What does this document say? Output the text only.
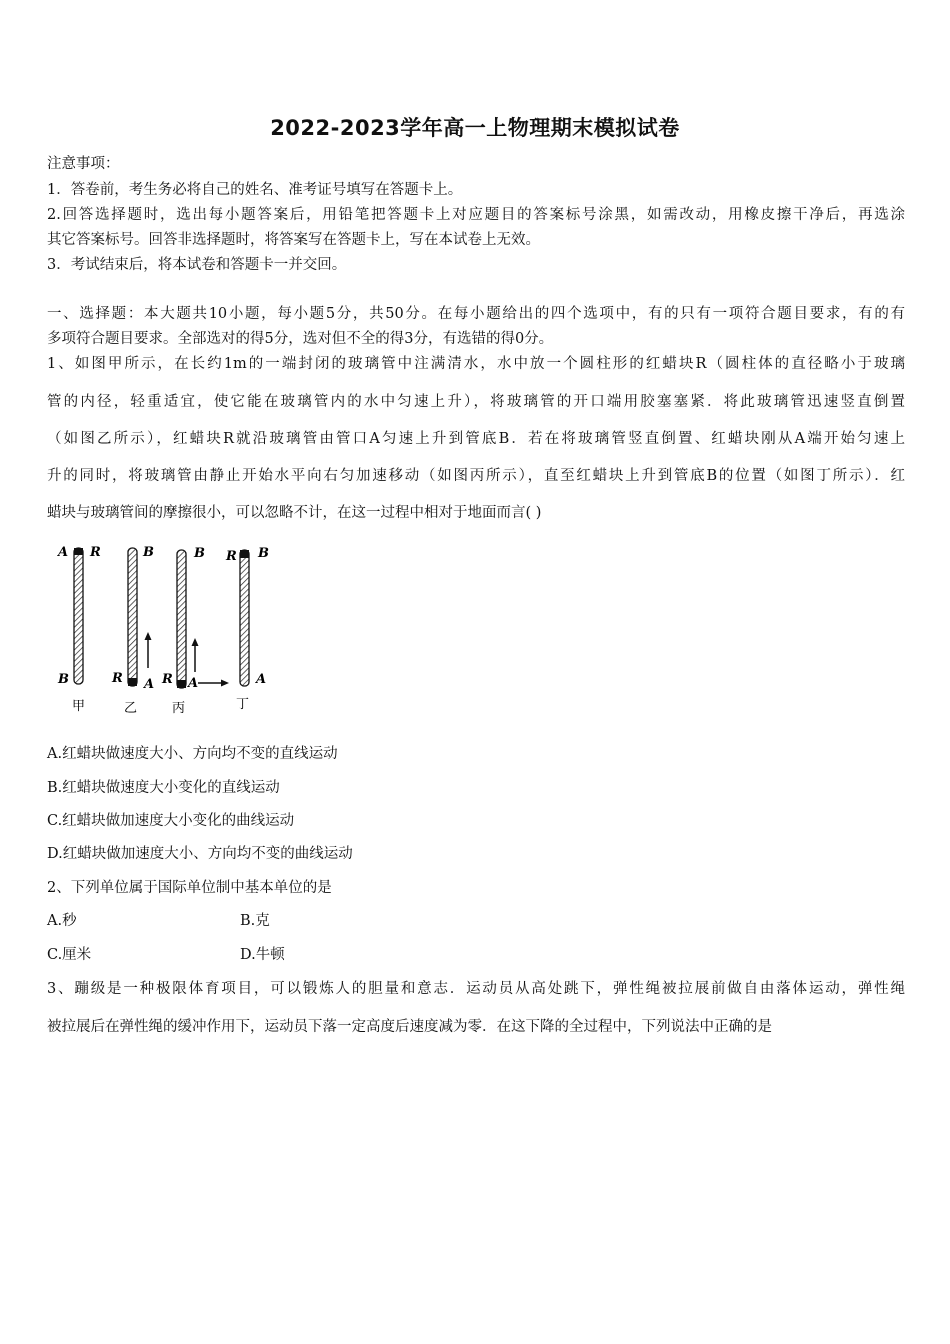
2022-2023学年高一上物理期末模拟试卷
注意事项：
1．答卷前，考生务必将自己的姓名、准考证号填写在答题卡上。
2.回答选择题时，选出每小题答案后，用铅笔把答题卡上对应题目的答案标号涂黑，如需改动，用橡皮擦干净后，再选涂
其它答案标号。回答非选择题时，将答案写在答题卡上，写在本试卷上无效。
3．考试结束后，将本试卷和答题卡一并交回。
一、选择题：本大题共10小题，每小题5分，共50分。在每小题给出的四个选项中，有的只有一项符合题目要求，有的有
多项符合题目要求。全部选对的得5分，选对但不全的得3分，有选错的得0分。
1、如图甲所示，在长约1m的一端封闭的玻璃管中注满清水，水中放一个圆柱形的红蜡块R（圆柱体的直径略小于玻璃
管的内径，轻重适宜，使它能在玻璃管内的水中匀速上升），将玻璃管的开口端用胶塞塞紧．将此玻璃管迅速竖直倒置
（如图乙所示），红蜡块R就沿玻璃管由管口A匀速上升到管底B．若在将玻璃管竖直倒置、红蜡块刚从A端开始匀速上
升的同时，将玻璃管由静止开始水平向右匀加速移动（如图丙所示），直至红蜡块上升到管底B的位置（如图丁所示）．红
蜡块与玻璃管间的摩擦很小，可以忽略不计，在这一过程中相对于地面而言( )
A R
B
甲
B
R A
乙
B
R A
丙
R B
A
丁
A.红蜡块做速度大小、方向均不变的直线运动
B.红蜡块做速度大小变化的直线运动
C.红蜡块做加速度大小变化的曲线运动
D.红蜡块做加速度大小、方向均不变的曲线运动
2、下列单位属于国际单位制中基本单位的是
A.秒	B.克
C.厘米	D.牛顿
3、蹦级是一种极限体育项目，可以锻炼人的胆量和意志．运动员从高处跳下，弹性绳被拉展前做自由落体运动，弹性绳
被拉展后在弹性绳的缓冲作用下，运动员下落一定高度后速度减为零．在这下降的全过程中，下列说法中正确的是
